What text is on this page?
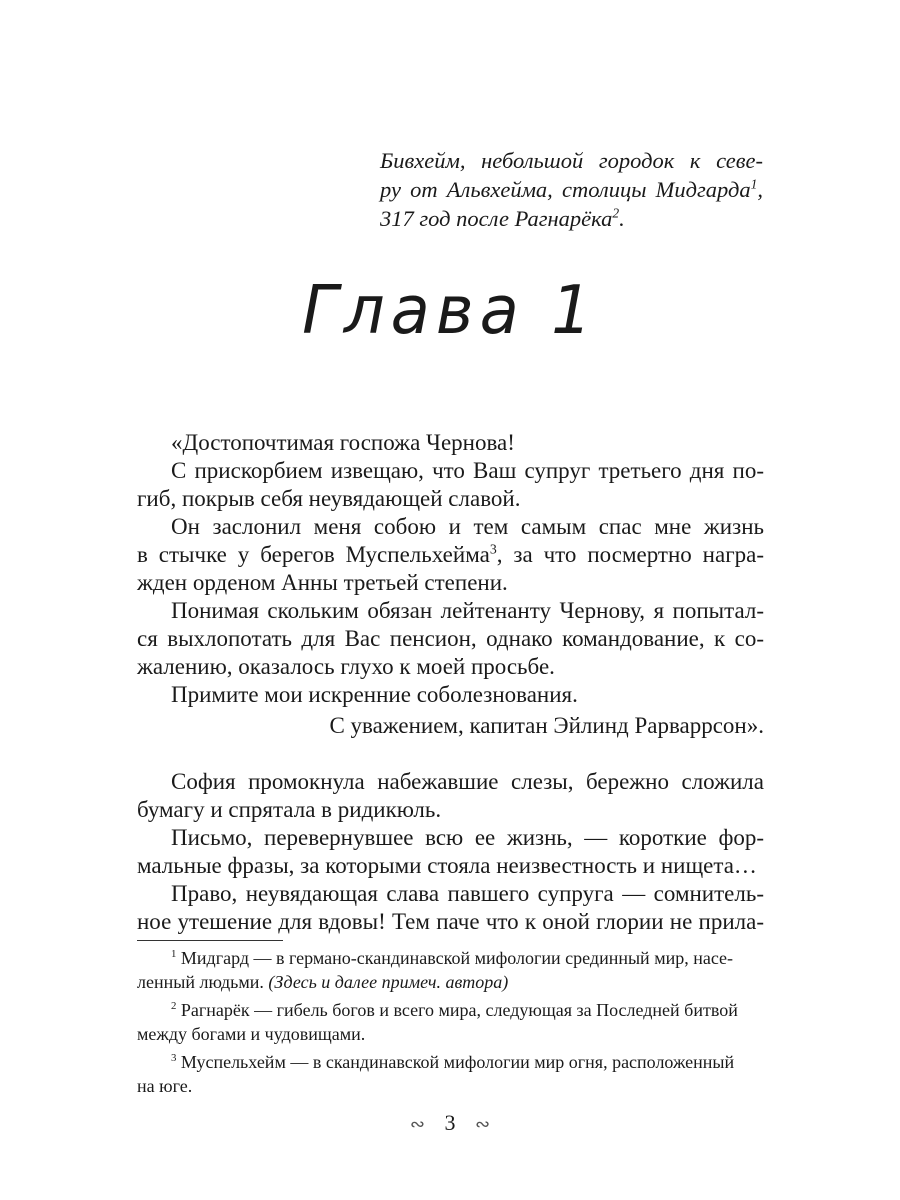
Бивхейм, небольшой городок к севе-
ру от Альвхейма, столицы Мидгарда$^1$,
317 год после Рагнарёка$^2$.
Глава 1

«Достопочтимая госпожа Чернова!

С прискорбием извещаю, что Ваш супруг третьего дня по-
гиб, покрыв себя неувядающей славой.

Он заслонил меня собою и тем самым спас мне жизнь
в стычке у берегов Муспельхейма$^3$, за что посмертно награ-
жден орденом Анны третьей степени.

Понимая скольким обязан лейтенанту Чернову, я попытал-
ся выхлопотать для Вас пенсион, однако командование, к со-
жалению, оказалось глухо к моей просьбе.

Примите мои искренние соболезнования.

С уважением, капитан Эйлинд Рарваррсон».

София промокнула набежавшие слезы, бережно сложила
бумагу и спрятала в ридикюль.

Письмо, перевернувшее всю ее жизнь, — короткие фор-
мальные фразы, за которыми стояла неизвестность и нищета…

Право, неувядающая слава павшего супруга — сомнитель-
ное утешение для вдовы! Тем паче что к оной глории не прила-

$^1$ Мидгард — в германо-скандинавской мифологии срединный мир, насе-
ленный людьми. (Здесь и далее примеч. автора)

$^2$ Рагнарёк — гибель богов и всего мира, следующая за Последней битвой
между богами и чудовищами.

$^3$ Муспельхейм — в скандинавской мифологии мир огня, расположенный
на юге.

∾ 3 ∾
